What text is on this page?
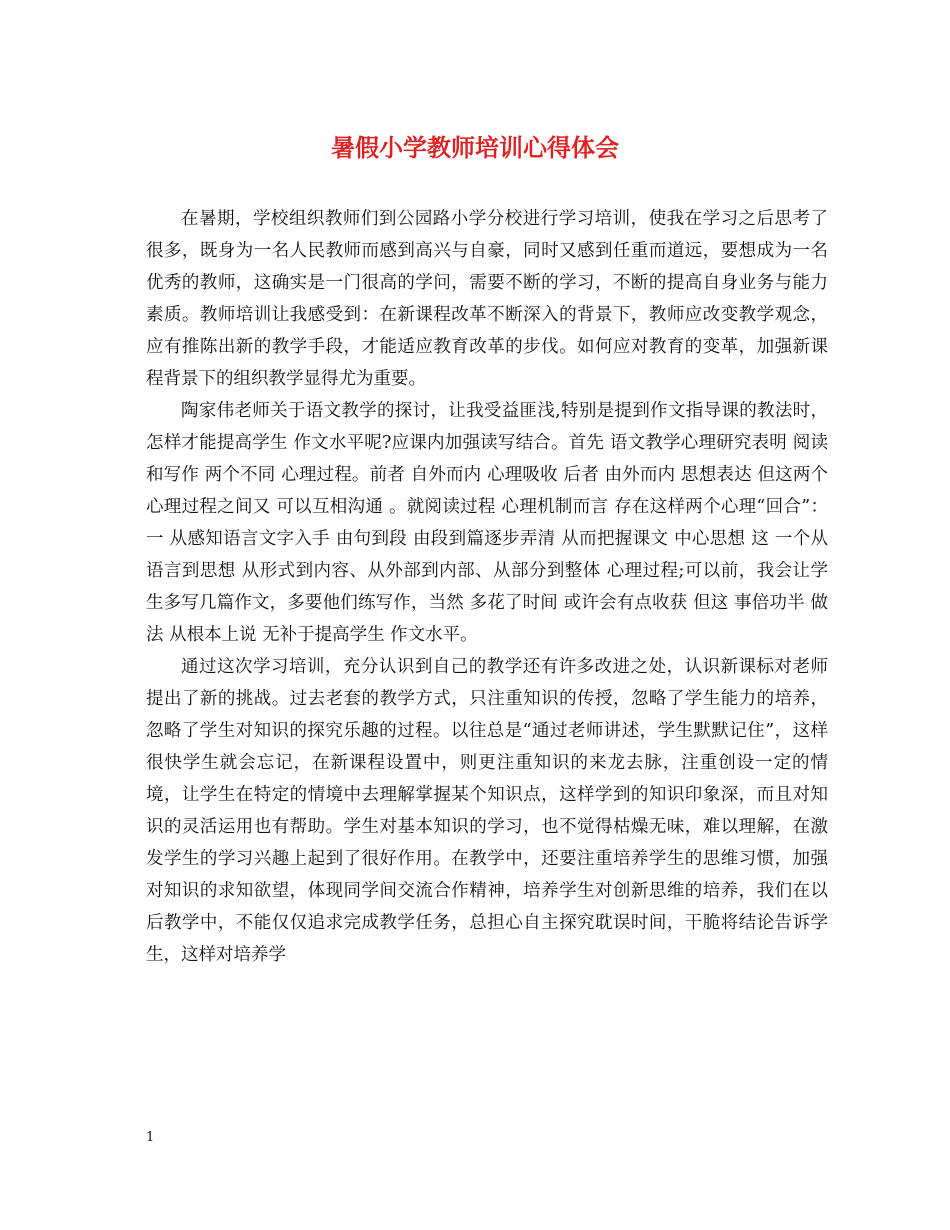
暑假小学教师培训心得体会

在暑期，学校组织教师们到公园路小学分校进行学习培训，使我在学习之后思考了很多，既身为一名人民教师而感到高兴与自豪，同时又感到任重而道远，要想成为一名优秀的教师，这确实是一门很高的学问，需要不断的学习，不断的提高自身业务与能力素质。教师培训让我感受到：在新课程改革不断深入的背景下，教师应改变教学观念，应有推陈出新的教学手段，才能适应教育改革的步伐。如何应对教育的变革，加强新课程背景下的组织教学显得尤为重要。

陶家伟老师关于语文教学的探讨，让我受益匪浅,特别是提到作文指导课的教法时，怎样才能提高学生 作文水平呢?应课内加强读写结合。首先 语文教学心理研究表明 阅读和写作 两个不同 心理过程。前者 自外而内 心理吸收 后者 由外而内 思想表达 但这两个心理过程之间又 可以互相沟通 。就阅读过程 心理机制而言 存在这样两个心理“回合”：一 从感知语言文字入手 由句到段 由段到篇逐步弄清 从而把握课文 中心思想 这 一个从语言到思想 从形式到内容、从外部到内部、从部分到整体 心理过程;可以前，我会让学生多写几篇作文，多要他们练写作，当然 多花了时间 或许会有点收获 但这 事倍功半 做法 从根本上说 无补于提高学生 作文水平。

通过这次学习培训，充分认识到自己的教学还有许多改进之处，认识新课标对老师提出了新的挑战。过去老套的教学方式，只注重知识的传授，忽略了学生能力的培养，忽略了学生对知识的探究乐趣的过程。以往总是“通过老师讲述，学生默默记住”，这样很快学生就会忘记，在新课程设置中，则更注重知识的来龙去脉，注重创设一定的情境，让学生在特定的情境中去理解掌握某个知识点，这样学到的知识印象深，而且对知识的灵活运用也有帮助。学生对基本知识的学习，也不觉得枯燥无味，难以理解，在激发学生的学习兴趣上起到了很好作用。在教学中，还要注重培养学生的思维习惯，加强对知识的求知欲望，体现同学间交流合作精神，培养学生对创新思维的培养，我们在以后教学中，不能仅仅追求完成教学任务，总担心自主探究耽误时间，干脆将结论告诉学生，这样对培养学

1
